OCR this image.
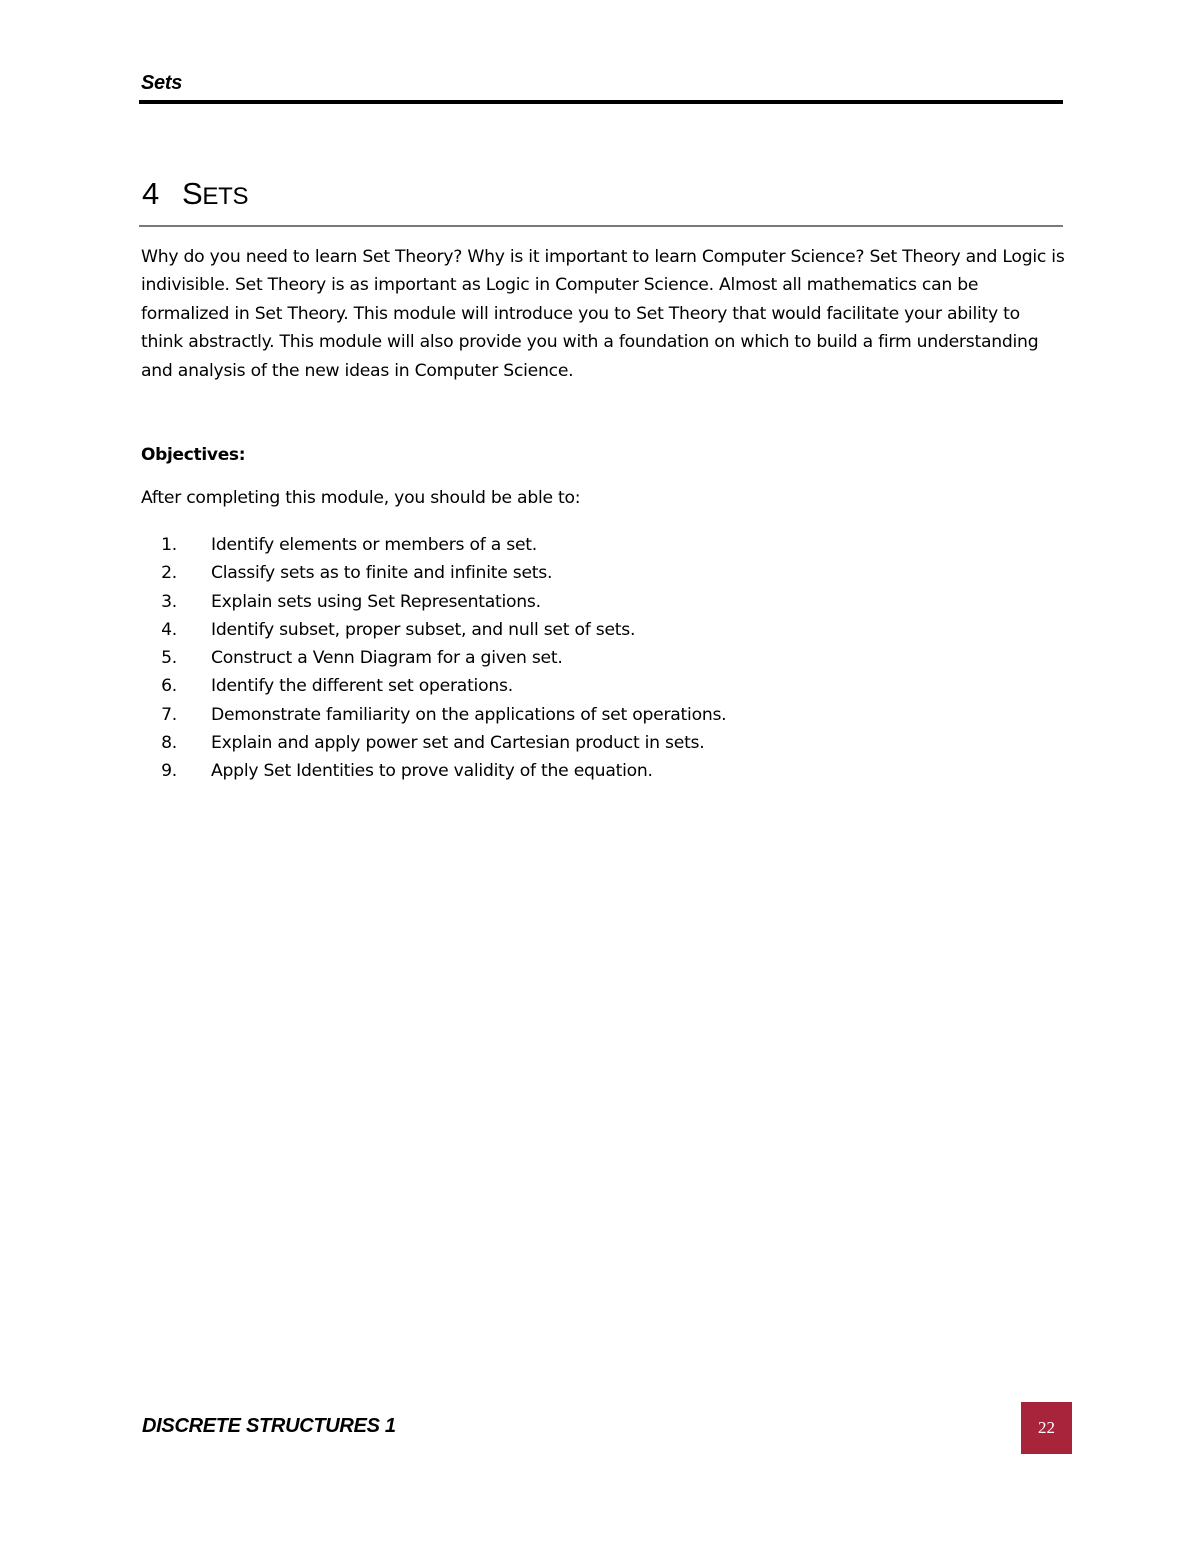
Sets
4 SETS

Why do you need to learn Set Theory? Why is it important to learn Computer Science? Set Theory and Logic is indivisible. Set Theory is as important as Logic in Computer Science. Almost all mathematics can be formalized in Set Theory. This module will introduce you to Set Theory that would facilitate your ability to think abstractly. This module will also provide you with a foundation on which to build a firm understanding and analysis of the new ideas in Computer Science.

Objectives:

After completing this module, you should be able to:

1. Identify elements or members of a set.
2. Classify sets as to finite and infinite sets.
3. Explain sets using Set Representations.
4. Identify subset, proper subset, and null set of sets.
5. Construct a Venn Diagram for a given set.
6. Identify the different set operations.
7. Demonstrate familiarity on the applications of set operations.
8. Explain and apply power set and Cartesian product in sets.
9. Apply Set Identities to prove validity of the equation.
DISCRETE STRUCTURES 1	22
